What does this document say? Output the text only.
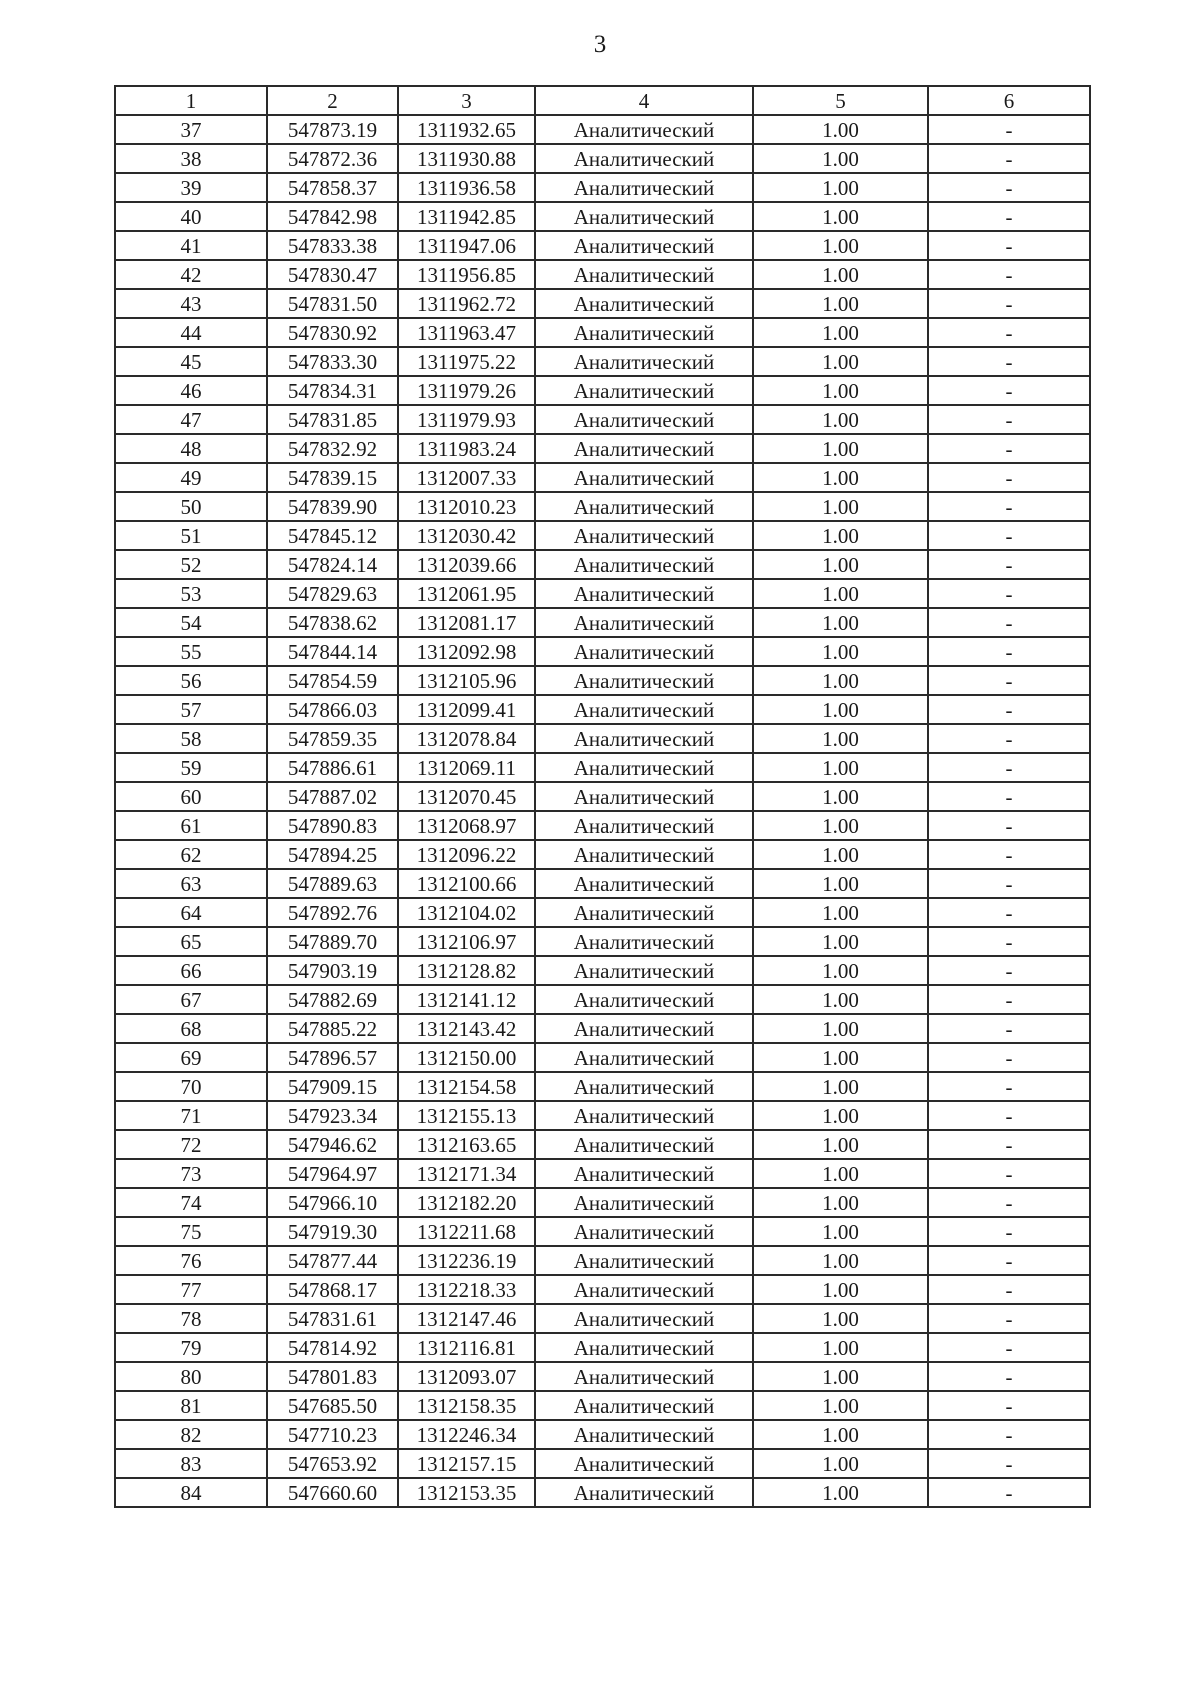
3
1	2	3	4	5	6
37	547873.19	1311932.65	Аналитический	1.00	-
38	547872.36	1311930.88	Аналитический	1.00	-
39	547858.37	1311936.58	Аналитический	1.00	-
40	547842.98	1311942.85	Аналитический	1.00	-
41	547833.38	1311947.06	Аналитический	1.00	-
42	547830.47	1311956.85	Аналитический	1.00	-
43	547831.50	1311962.72	Аналитический	1.00	-
44	547830.92	1311963.47	Аналитический	1.00	-
45	547833.30	1311975.22	Аналитический	1.00	-
46	547834.31	1311979.26	Аналитический	1.00	-
47	547831.85	1311979.93	Аналитический	1.00	-
48	547832.92	1311983.24	Аналитический	1.00	-
49	547839.15	1312007.33	Аналитический	1.00	-
50	547839.90	1312010.23	Аналитический	1.00	-
51	547845.12	1312030.42	Аналитический	1.00	-
52	547824.14	1312039.66	Аналитический	1.00	-
53	547829.63	1312061.95	Аналитический	1.00	-
54	547838.62	1312081.17	Аналитический	1.00	-
55	547844.14	1312092.98	Аналитический	1.00	-
56	547854.59	1312105.96	Аналитический	1.00	-
57	547866.03	1312099.41	Аналитический	1.00	-
58	547859.35	1312078.84	Аналитический	1.00	-
59	547886.61	1312069.11	Аналитический	1.00	-
60	547887.02	1312070.45	Аналитический	1.00	-
61	547890.83	1312068.97	Аналитический	1.00	-
62	547894.25	1312096.22	Аналитический	1.00	-
63	547889.63	1312100.66	Аналитический	1.00	-
64	547892.76	1312104.02	Аналитический	1.00	-
65	547889.70	1312106.97	Аналитический	1.00	-
66	547903.19	1312128.82	Аналитический	1.00	-
67	547882.69	1312141.12	Аналитический	1.00	-
68	547885.22	1312143.42	Аналитический	1.00	-
69	547896.57	1312150.00	Аналитический	1.00	-
70	547909.15	1312154.58	Аналитический	1.00	-
71	547923.34	1312155.13	Аналитический	1.00	-
72	547946.62	1312163.65	Аналитический	1.00	-
73	547964.97	1312171.34	Аналитический	1.00	-
74	547966.10	1312182.20	Аналитический	1.00	-
75	547919.30	1312211.68	Аналитический	1.00	-
76	547877.44	1312236.19	Аналитический	1.00	-
77	547868.17	1312218.33	Аналитический	1.00	-
78	547831.61	1312147.46	Аналитический	1.00	-
79	547814.92	1312116.81	Аналитический	1.00	-
80	547801.83	1312093.07	Аналитический	1.00	-
81	547685.50	1312158.35	Аналитический	1.00	-
82	547710.23	1312246.34	Аналитический	1.00	-
83	547653.92	1312157.15	Аналитический	1.00	-
84	547660.60	1312153.35	Аналитический	1.00	-
